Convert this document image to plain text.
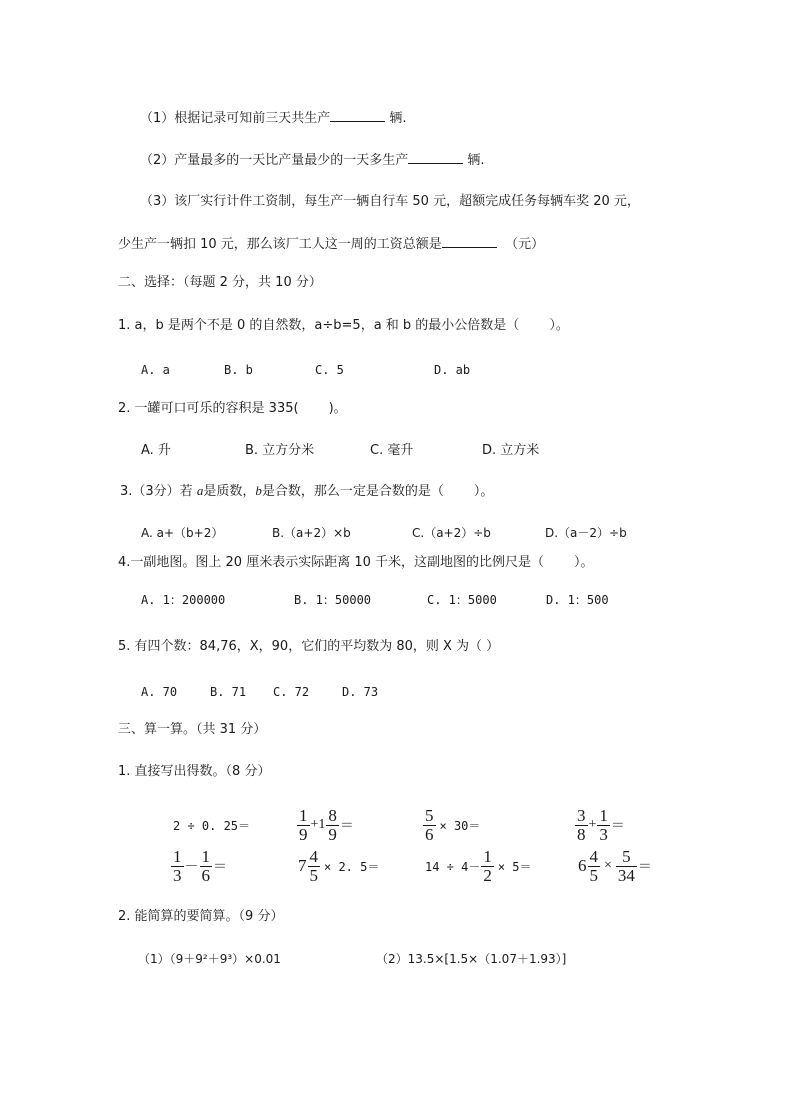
（1）根据记录可知前三天共生产	辆.
（2）产量最多的一天比产量最少的一天多生产	辆.
（3）该厂实行计件工资制，每生产一辆自行车 50 元，超额完成任务每辆车奖 20 元，
少生产一辆扣 10 元，那么该厂工人这一周的工资总额是	（元）
二、选择：（每题 2 分，共 10 分）
1. a，b 是两个不是 0 的自然数，a÷b=5，a 和 b 的最小公倍数是（ ）。
A. a	B. b	C. 5	D. ab
2. 一罐可口可乐的容积是 335( )。
A. 升	B. 立方分米	C. 毫升	D. 立方米
3.（3分）若 a是质数，b是合数，那么一定是合数的是（ ）。
A. a+（b+2）	B.（a+2）×b	C.（a+2）÷b	D.（a－2）÷b
4.一副地图。图上 20 厘米表示实际距离 10 千米，这副地图的比例尺是（ ）。
A. 1：200000	B. 1：50000	C. 1：5000	D. 1：500
5. 有四个数：84,76，X，90，它们的平均数为 80，则 X 为（ ）
A. 70	B. 71 C. 72	D. 73
三、算一算。（共 31 分）
1. 直接写出得数。（8 分）
2 ÷ 0. 25＝	$\frac{1}{9} +1 \frac{8}{9}$ ＝	$\frac{5}{6} \times 30=$	$\frac{3}{8} + \frac{1}{3}$ ＝
$\frac{1}{3} - \frac{1}{6}$ ＝	$7 \frac{4}{5} \times 2$. 5＝	$14 \div 4- \frac{1}{2} \times 5=$	$6 \frac{4}{5} \times \frac{5}{34}$ ＝
2. 能简算的要简算。（9 分）
（1）（9＋9²＋9³）×0.01	（2）13.5×[1.5×（1.07＋1.93）]
